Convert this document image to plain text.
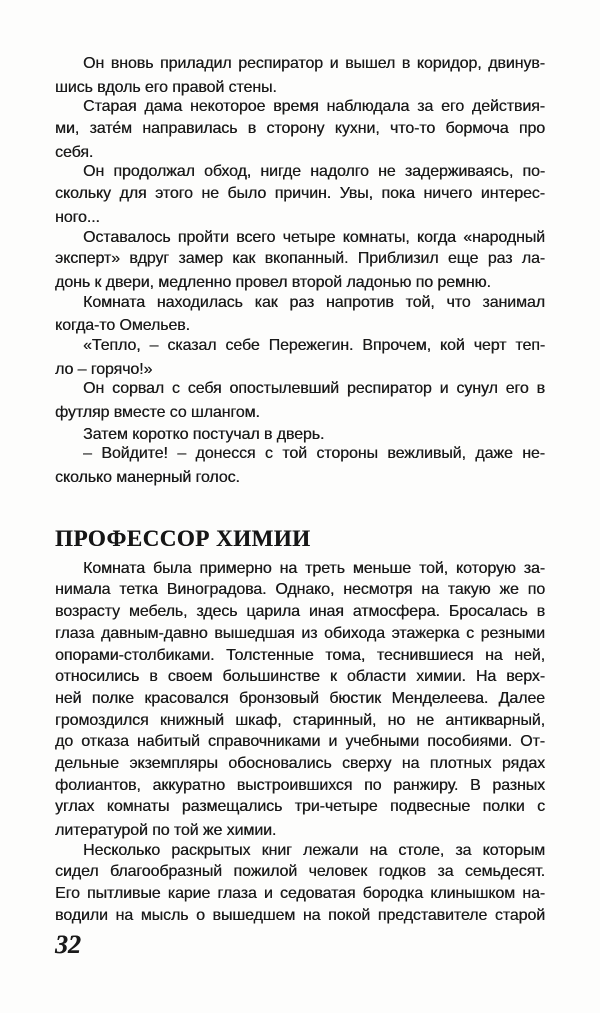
Он вновь приладил респиратор и вышел в коридор, двинув-
шись вдоль его правой стены.
Старая дама некоторое время наблюдала за его действия-
ми, зате́м направилась в сторону кухни, что-то бормоча про
себя.
Он продолжал обход, нигде надолго не задерживаясь, по-
скольку для этого не было причин. Увы, пока ничего интерес-
ного...
Оставалось пройти всего четыре комнаты, когда «народный
эксперт» вдруг замер как вкопанный. Приблизил еще раз ла-
донь к двери, медленно провел второй ладонью по ремню.
Комната находилась как раз напротив той, что занимал
когда-то Омельев.
«Тепло, – сказал себе Пережегин. Впрочем, кой черт теп-
ло – горячо!»
Он сорвал с себя опостылевший респиратор и сунул его в
футляр вместе со шлангом.
Затем коротко постучал в дверь.
– Войдите! – донесся с той стороны вежливый, даже не-
сколько манерный голос.
ПРОФЕССОР ХИМИИ
Комната была примерно на треть меньше той, которую за-
нимала тетка Виноградова. Однако, несмотря на такую же по
возрасту мебель, здесь царила иная атмосфера. Бросалась в
глаза давным-давно вышедшая из обихода этажерка с резными
опорами-столбиками. Толстенные тома, теснившиеся на ней,
относились в своем большинстве к области химии. На верх-
ней полке красовался бронзовый бюстик Менделеева. Далее
громоздился книжный шкаф, старинный, но не антикварный,
до отказа набитый справочниками и учебными пособиями. От-
дельные экземпляры обосновались сверху на плотных рядах
фолиантов, аккуратно выстроившихся по ранжиру. В разных
углах комнаты размещались три-четыре подвесные полки с
литературой по той же химии.
Несколько раскрытых книг лежали на столе, за которым
сидел благообразный пожилой человек годков за семьдесят.
Его пытливые карие глаза и седоватая бородка клинышком на-
водили на мысль о вышедшем на покой представителе старой
32
